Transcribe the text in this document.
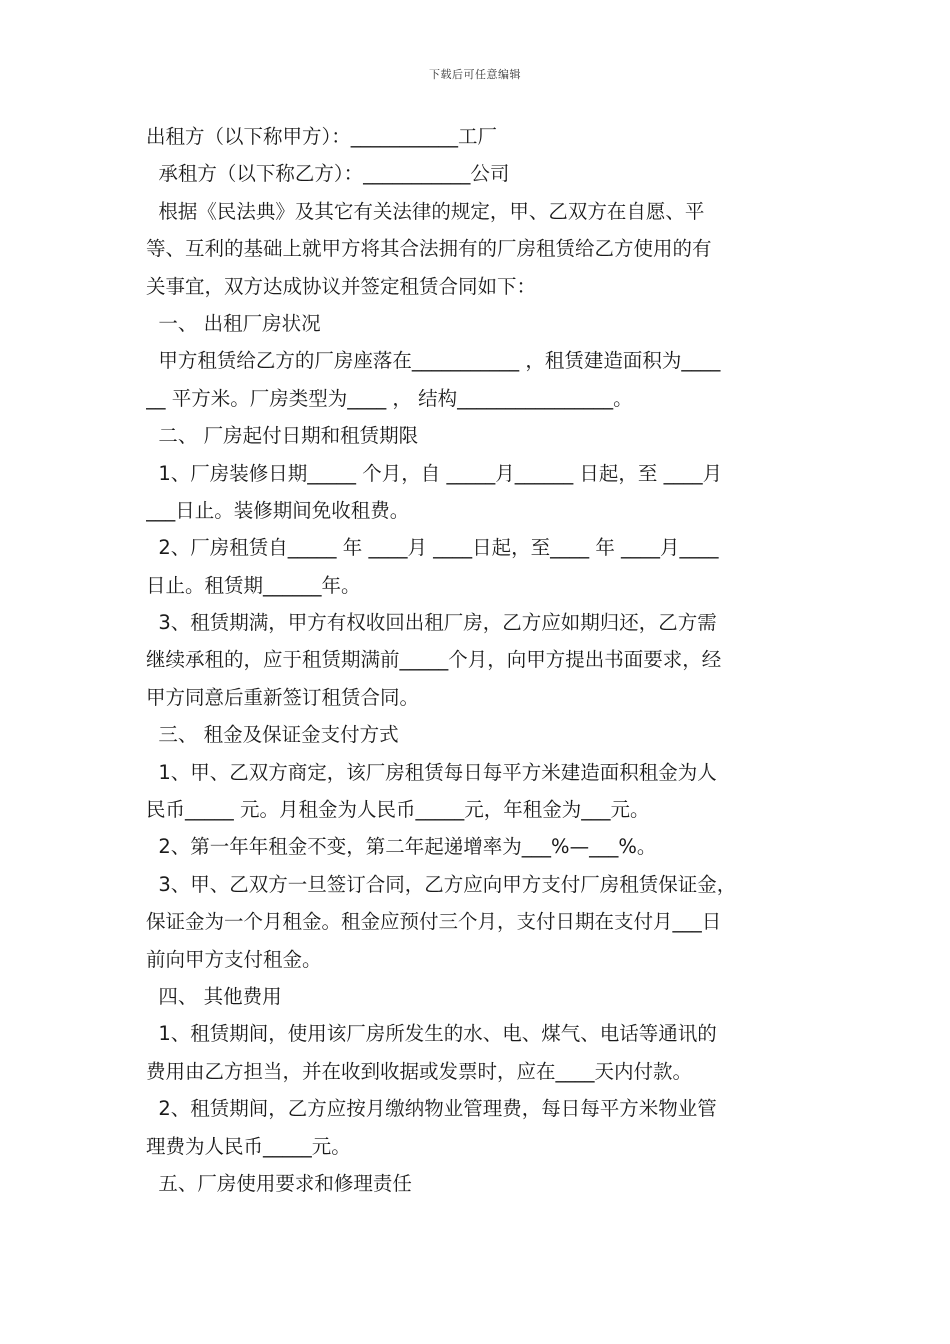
下载后可任意编辑
出租方（以下称甲方）：___________工厂
承租方（以下称乙方）：___________公司
根据《民法典》及其它有关法律的规定，甲、乙双方在自愿、平
等、互利的基础上就甲方将其合法拥有的厂房租赁给乙方使用的有
关事宜，双方达成协议并签定租赁合同如下：
一、 出租厂房状况
甲方租赁给乙方的厂房座落在___________ ，租赁建造面积为____
__ 平方米。厂房类型为____ ， 结构________________。
二、 厂房起付日期和租赁期限
1、厂房装修日期_____ 个月，自 _____月______ 日起，至 ____月
___日止。装修期间免收租费。
2、厂房租赁自_____ 年 ____月 ____日起，至____ 年 ____月____
日止。租赁期______年。
3、租赁期满，甲方有权收回出租厂房，乙方应如期归还，乙方需
继续承租的，应于租赁期满前_____个月，向甲方提出书面要求，经
甲方同意后重新签订租赁合同。
三、 租金及保证金支付方式
1、甲、乙双方商定，该厂房租赁每日每平方米建造面积租金为人
民币_____ 元。月租金为人民币_____元，年租金为___元。
2、第一年年租金不变，第二年起递增率为___%—___%。
3、甲、乙双方一旦签订合同，乙方应向甲方支付厂房租赁保证金，
保证金为一个月租金。租金应预付三个月，支付日期在支付月___日
前向甲方支付租金。
四、 其他费用
1、租赁期间，使用该厂房所发生的水、电、煤气、电话等通讯的
费用由乙方担当，并在收到收据或发票时，应在____天内付款。
2、租赁期间，乙方应按月缴纳物业管理费，每日每平方米物业管
理费为人民币_____元。
五、厂房使用要求和修理责任
